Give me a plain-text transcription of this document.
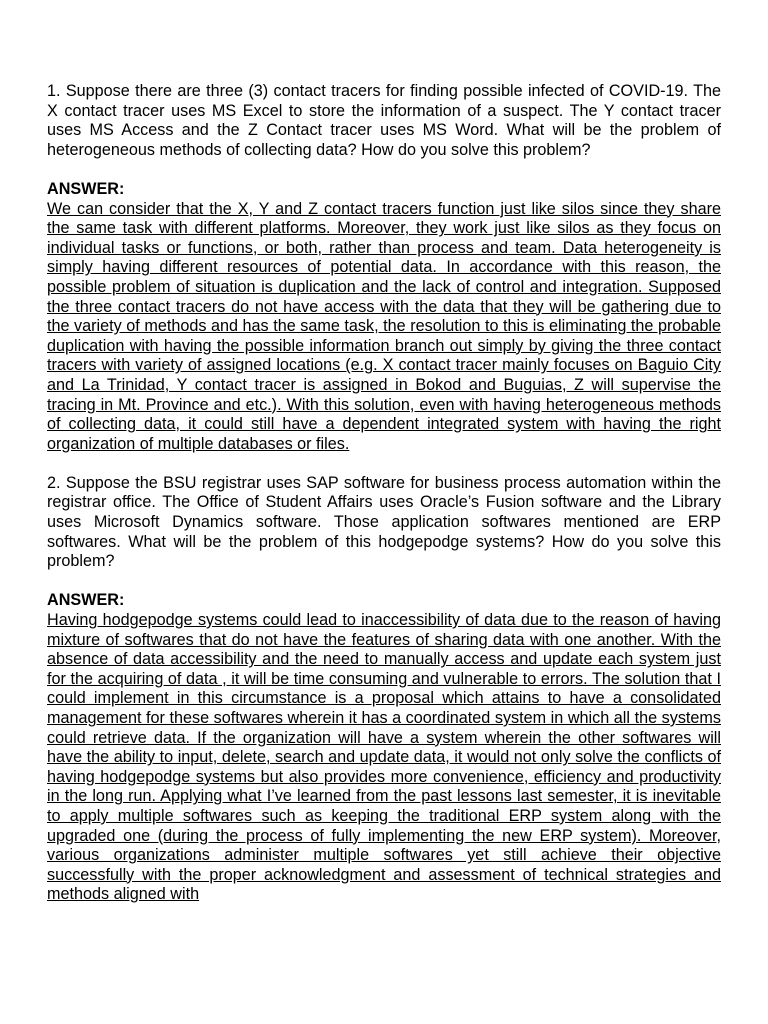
1. Suppose there are three (3) contact tracers for finding possible infected of COVID-19. The X contact tracer uses MS Excel to store the information of a suspect. The Y contact tracer uses MS Access and the Z Contact tracer uses MS Word. What will be the problem of heterogeneous methods of collecting data? How do you solve this problem?

ANSWER:

We can consider that the X, Y and Z contact tracers function just like silos since they share the same task with different platforms. Moreover, they work just like silos as they focus on individual tasks or functions, or both, rather than process and team. Data heterogeneity is simply having different resources of potential data. In accordance with this reason, the possible problem of situation is duplication and the lack of control and integration. Supposed the three contact tracers do not have access with the data that they will be gathering due to the variety of methods and has the same task, the resolution to this is eliminating the probable duplication with having the possible information branch out simply by giving the three contact tracers with variety of assigned locations (e.g. X contact tracer mainly focuses on Baguio City and La Trinidad, Y contact tracer is assigned in Bokod and Buguias, Z will supervise the tracing in Mt. Province and etc.). With this solution, even with having heterogeneous methods of collecting data, it could still have a dependent integrated system with having the right organization of multiple databases or files.

2. Suppose the BSU registrar uses SAP software for business process automation within the registrar office. The Office of Student Affairs uses Oracle’s Fusion software and the Library uses Microsoft Dynamics software. Those application softwares mentioned are ERP softwares. What will be the problem of this hodgepodge systems? How do you solve this problem?

ANSWER:

Having hodgepodge systems could lead to inaccessibility of data due to the reason of having mixture of softwares that do not have the features of sharing data with one another. With the absence of data accessibility and the need to manually access and update each system just for the acquiring of data , it will be time consuming and vulnerable to errors. The solution that I could implement in this circumstance is a proposal which attains to have a consolidated management for these softwares wherein it has a coordinated system in which all the systems could retrieve data. If the organization will have a system wherein the other softwares will have the ability to input, delete, search and update data, it would not only solve the conflicts of having hodgepodge systems but also provides more convenience, efficiency and productivity in the long run. Applying what I’ve learned from the past lessons last semester, it is inevitable to apply multiple softwares such as keeping the traditional ERP system along with the upgraded one (during the process of fully implementing the new ERP system). Moreover, various organizations administer multiple softwares yet still achieve their objective successfully with the proper acknowledgment and assessment of technical strategies and methods aligned with
